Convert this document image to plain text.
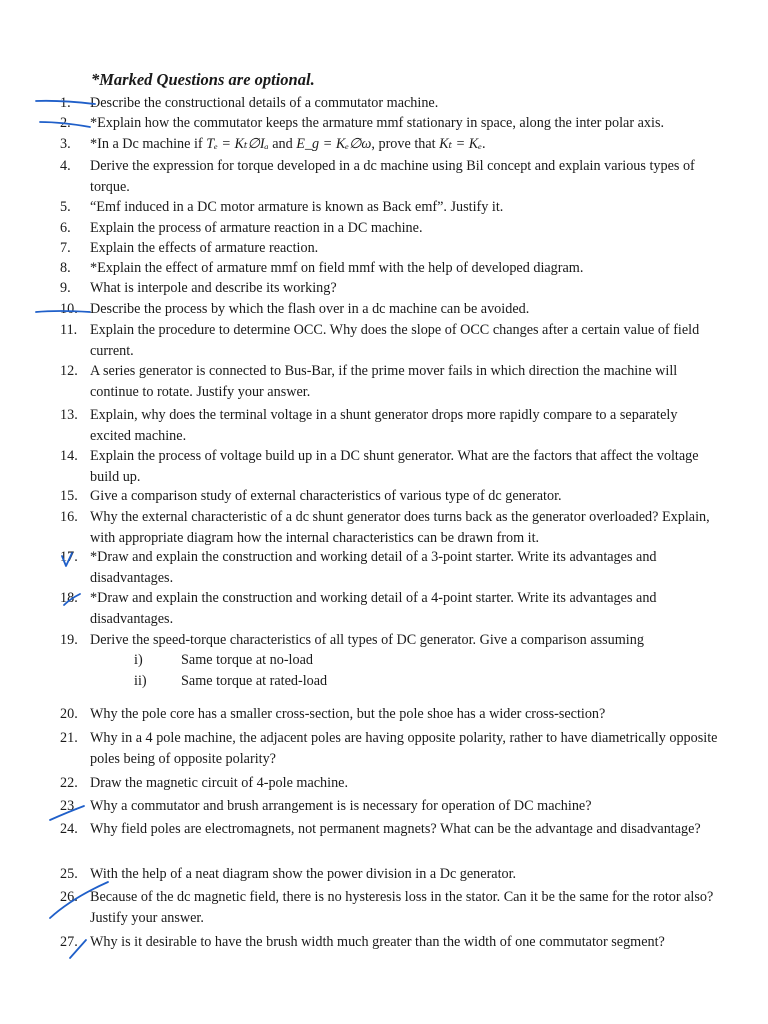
*Marked Questions are optional.
1.	Describe the constructional details of a commutator machine.
2.	*Explain how the commutator keeps the armature mmf stationary in space, along the inter polar axis.
3.	*In a Dc machine if Tₑ = Kₜ∅Iₐ and E_g = Kₑ∅ω, prove that Kₜ = Kₑ.
4.	Derive the expression for torque developed in a dc machine using Bil concept and explain various types of torque.
5.	“Emf induced in a DC motor armature is known as Back emf”. Justify it.
6.	Explain the process of armature reaction in a DC machine.
7.	Explain the effects of armature reaction.
8.	*Explain the effect of armature mmf on field mmf with the help of developed diagram.
9.	What is interpole and describe its working?
10. Describe the process by which the flash over in a dc machine can be avoided.
11. Explain the procedure to determine OCC. Why does the slope of OCC changes after a certain value of field current.
12. A series generator is connected to Bus-Bar, if the prime mover fails in which direction the machine will continue to rotate. Justify your answer.
13. Explain, why does the terminal voltage in a shunt generator drops more rapidly compare to a separately excited machine.
14. Explain the process of voltage build up in a DC shunt generator. What are the factors that affect the voltage build up.
15. Give a comparison study of external characteristics of various type of dc generator.
16. Why the external characteristic of a dc shunt generator does turns back as the generator overloaded? Explain, with appropriate diagram how the internal characteristics can be drawn from it.
17. *Draw and explain the construction and working detail of a 3-point starter. Write its advantages and disadvantages.
18. *Draw and explain the construction and working detail of a 4-point starter. Write its advantages and disadvantages.
19. Derive the speed-torque characteristics of all types of DC generator. Give a comparison assuming
i)	Same torque at no-load
ii) Same torque at rated-load
20. Why the pole core has a smaller cross-section, but the pole shoe has a wider cross-section?
21. Why in a 4 pole machine, the adjacent poles are having opposite polarity, rather to have diametrically opposite poles being of opposite polarity?
22. Draw the magnetic circuit of 4-pole machine.
23. Why a commutator and brush arrangement is is necessary for operation of DC machine?
24. Why field poles are electromagnets, not permanent magnets? What can be the advantage and disadvantage?
25. With the help of a neat diagram show the power division in a Dc generator.
26. Because of the dc magnetic field, there is no hysteresis loss in the stator. Can it be the same for the rotor also? Justify your answer.
27. Why is it desirable to have the brush width much greater than the width of one commutator segment?
